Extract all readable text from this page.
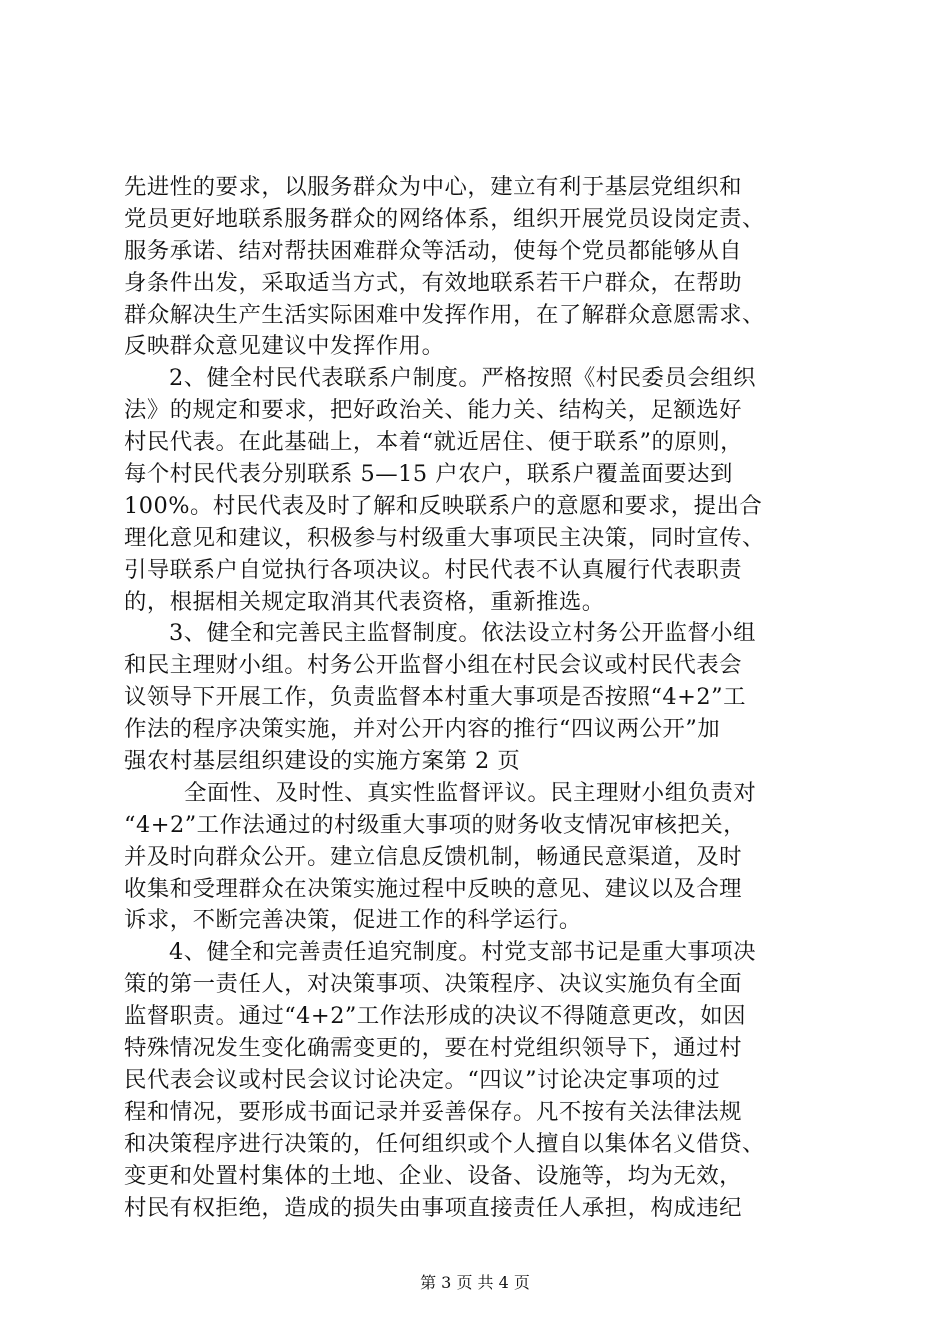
先进性的要求，以服务群众为中心，建立有利于基层党组织和
党员更好地联系服务群众的网络体系，组织开展党员设岗定责、
服务承诺、结对帮扶困难群众等活动，使每个党员都能够从自
身条件出发，采取适当方式，有效地联系若干户群众，在帮助
群众解决生产生活实际困难中发挥作用，在了解群众意愿需求、
反映群众意见建议中发挥作用。
2、健全村民代表联系户制度。严格按照《村民委员会组织
法》的规定和要求，把好政治关、能力关、结构关，足额选好
村民代表。在此基础上，本着“就近居住、便于联系”的原则，
每个村民代表分别联系 5—15 户农户，联系户覆盖面要达到
100%。村民代表及时了解和反映联系户的意愿和要求，提出合
理化意见和建议，积极参与村级重大事项民主决策，同时宣传、
引导联系户自觉执行各项决议。村民代表不认真履行代表职责
的，根据相关规定取消其代表资格，重新推选。
3、健全和完善民主监督制度。依法设立村务公开监督小组
和民主理财小组。村务公开监督小组在村民会议或村民代表会
议领导下开展工作，负责监督本村重大事项是否按照“4+2”工
作法的程序决策实施，并对公开内容的推行“四议两公开”加
强农村基层组织建设的实施方案第 2 页
全面性、及时性、真实性监督评议。民主理财小组负责对
“4+2”工作法通过的村级重大事项的财务收支情况审核把关，
并及时向群众公开。建立信息反馈机制，畅通民意渠道，及时
收集和受理群众在决策实施过程中反映的意见、建议以及合理
诉求，不断完善决策，促进工作的科学运行。
4、健全和完善责任追究制度。村党支部书记是重大事项决
策的第一责任人，对决策事项、决策程序、决议实施负有全面
监督职责。通过“4+2”工作法形成的决议不得随意更改，如因
特殊情况发生变化确需变更的，要在村党组织领导下，通过村
民代表会议或村民会议讨论决定。“四议”讨论决定事项的过
程和情况，要形成书面记录并妥善保存。凡不按有关法律法规
和决策程序进行决策的，任何组织或个人擅自以集体名义借贷、
变更和处置村集体的土地、企业、设备、设施等，均为无效，
村民有权拒绝，造成的损失由事项直接责任人承担，构成违纪
第 3 页 共 4 页
